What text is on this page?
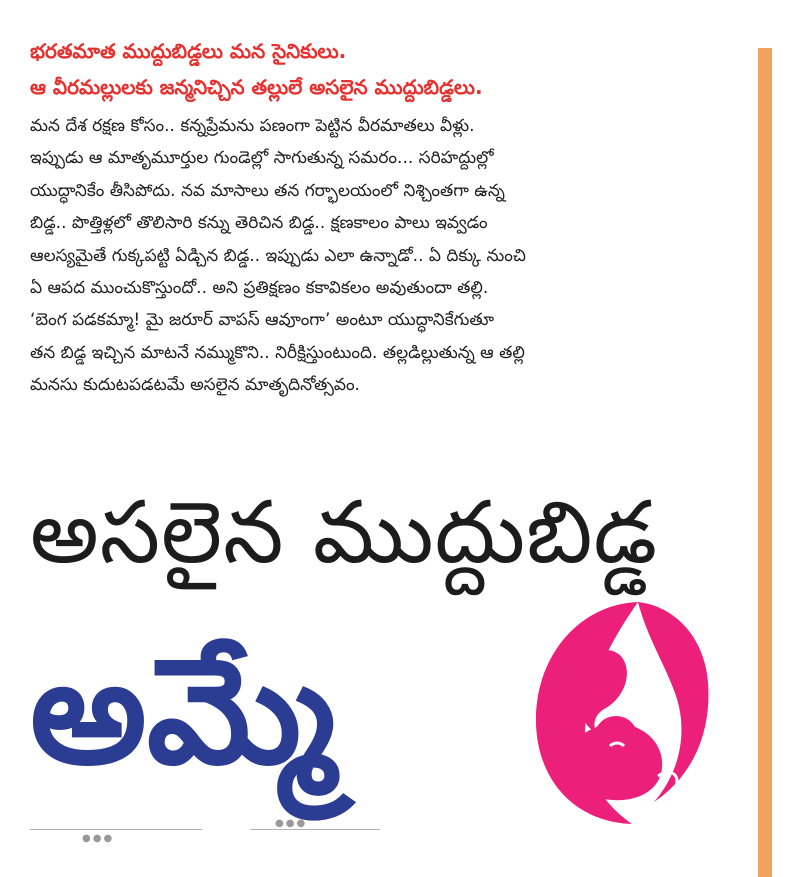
భరతమాత ముద్దుబిడ్డలు మన సైనికులు.
ఆ వీరమల్లులకు జన్మనిచ్చిన తల్లులే అసలైన ముద్దుబిడ్డలు.
మన దేశ రక్షణ కోసం.. కన్నప్రేమను పణంగా పెట్టిన వీరమాతలు వీళ్లు.
ఇప్పుడు ఆ మాతృమూర్తుల గుండెల్లో సాగుతున్న సమరం... సరిహద్దుల్లో
యుద్ధానికేం తీసిపోదు. నవ మాసాలు తన గర్భాలయంలో నిశ్చింతగా ఉన్న
బిడ్డ.. పొత్తిళ్లలో తొలిసారి కన్ను తెరిచిన బిడ్డ.. క్షణకాలం పాలు ఇవ్వడం
ఆలస్యమైతే గుక్కపట్టి ఏడ్చిన బిడ్డ.. ఇప్పుడు ఎలా ఉన్నాడో.. ఏ దిక్కు నుంచి
ఏ ఆపద ముంచుకొస్తుందో.. అని ప్రతిక్షణం కకావికలం అవుతుందా తల్లి.
‘బెంగ పడకమ్మా! మై జరూర్ వాపస్ ఆవూంగా’ అంటూ యుద్ధానికేగుతూ
తన బిడ్డ ఇచ్చిన మాటనే నమ్ముకొని.. నిరీక్షిస్తుంటుంది. తల్లడిల్లుతున్న ఆ తల్లి
మనసు కుదుటపడటమే అసలైన మాతృదినోత్సవం.
అసలైన ముద్దుబిడ్డ
అమ్మే
●●●
●●●
